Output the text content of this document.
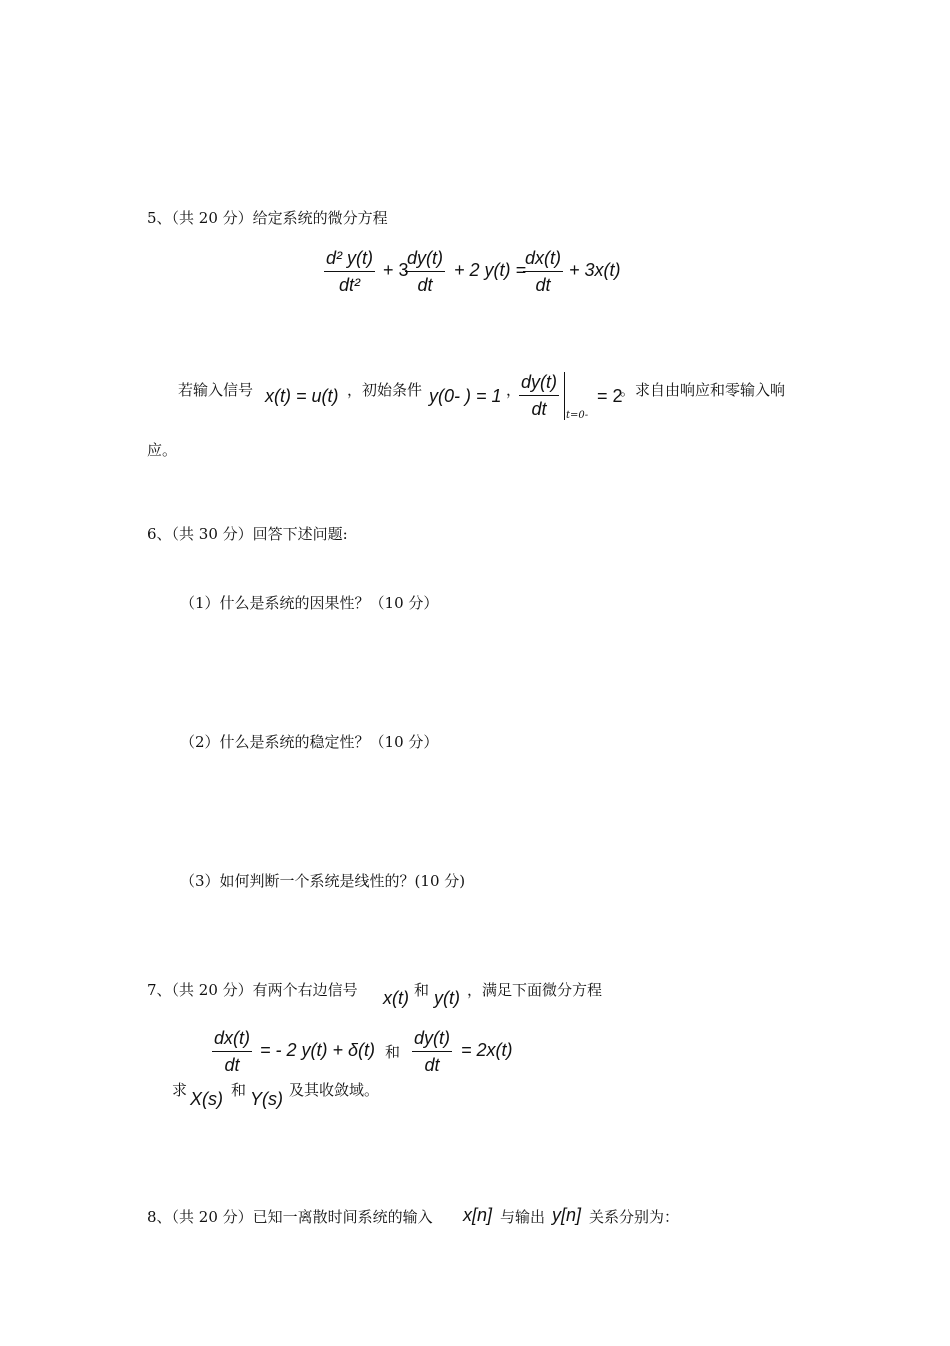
5、（共 20 分）给定系统的微分方程
$\frac{\text{d² y(t)}}{\text{dt²}} + 3$
$\frac{dy(t)}{dt} + 2$ y(t) =
$\frac{dx(t)}{dt} + 3x(t)$
若输入信号 x(t) = u(t) ，初始条件 y(0- ) = 1 ，
$\frac{dy(t)}{dt} t=0-$
= 2
。求自由响应和零输入响
应。
6、（共 30 分）回答下述问题:
（1）什么是系统的因果性？（10 分）
（2）什么是系统的稳定性？（10 分）
（3）如何判断一个系统是线性的？(10 分)
7、（共 20 分）有两个右边信号 x(t) 和 y(t) ，满足下面微分方程
$\frac{dx(t)}{dt}$ = - 2 y(t) + δ(t) 和 $\frac{dy(t)}{dt} = 2x(t)$
求 X(s) 和 Y(s) 及其收敛域。
8、（共 20 分）已知一离散时间系统的输入 x[n] 与输出 y[n] 关系分别为：
